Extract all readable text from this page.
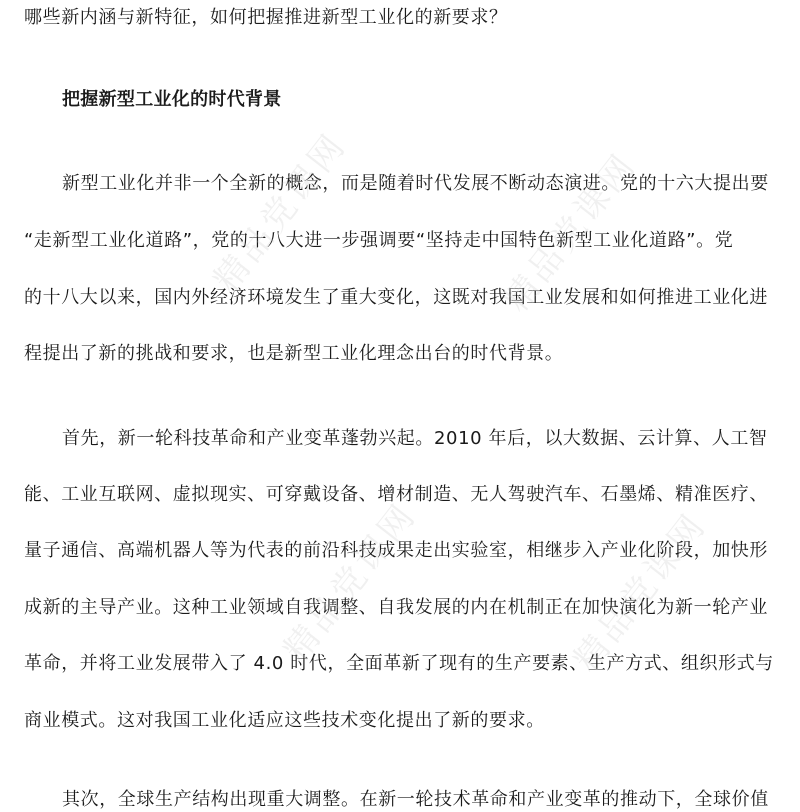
哪些新内涵与新特征，如何把握推进新型工业化的新要求？
把握新型工业化的时代背景
新型工业化并非一个全新的概念，而是随着时代发展不断动态演进。党的十六大提出要
“走新型工业化道路”，党的十八大进一步强调要“坚持走中国特色新型工业化道路”。党
的十八大以来，国内外经济环境发生了重大变化，这既对我国工业发展和如何推进工业化进
程提出了新的挑战和要求，也是新型工业化理念出台的时代背景。
首先，新一轮科技革命和产业变革蓬勃兴起。2010 年后，以大数据、云计算、人工智
能、工业互联网、虚拟现实、可穿戴设备、增材制造、无人驾驶汽车、石墨烯、精准医疗、
量子通信、高端机器人等为代表的前沿科技成果走出实验室，相继步入产业化阶段，加快形
成新的主导产业。这种工业领域自我调整、自我发展的内在机制正在加快演化为新一轮产业
革命，并将工业发展带入了 4.0 时代，全面革新了现有的生产要素、生产方式、组织形式与
商业模式。这对我国工业化适应这些技术变化提出了新的要求。
其次，全球生产结构出现重大调整。在新一轮技术革命和产业变革的推动下，全球价值
精品党课网	精品党课网
精品党课网	精品党课网
